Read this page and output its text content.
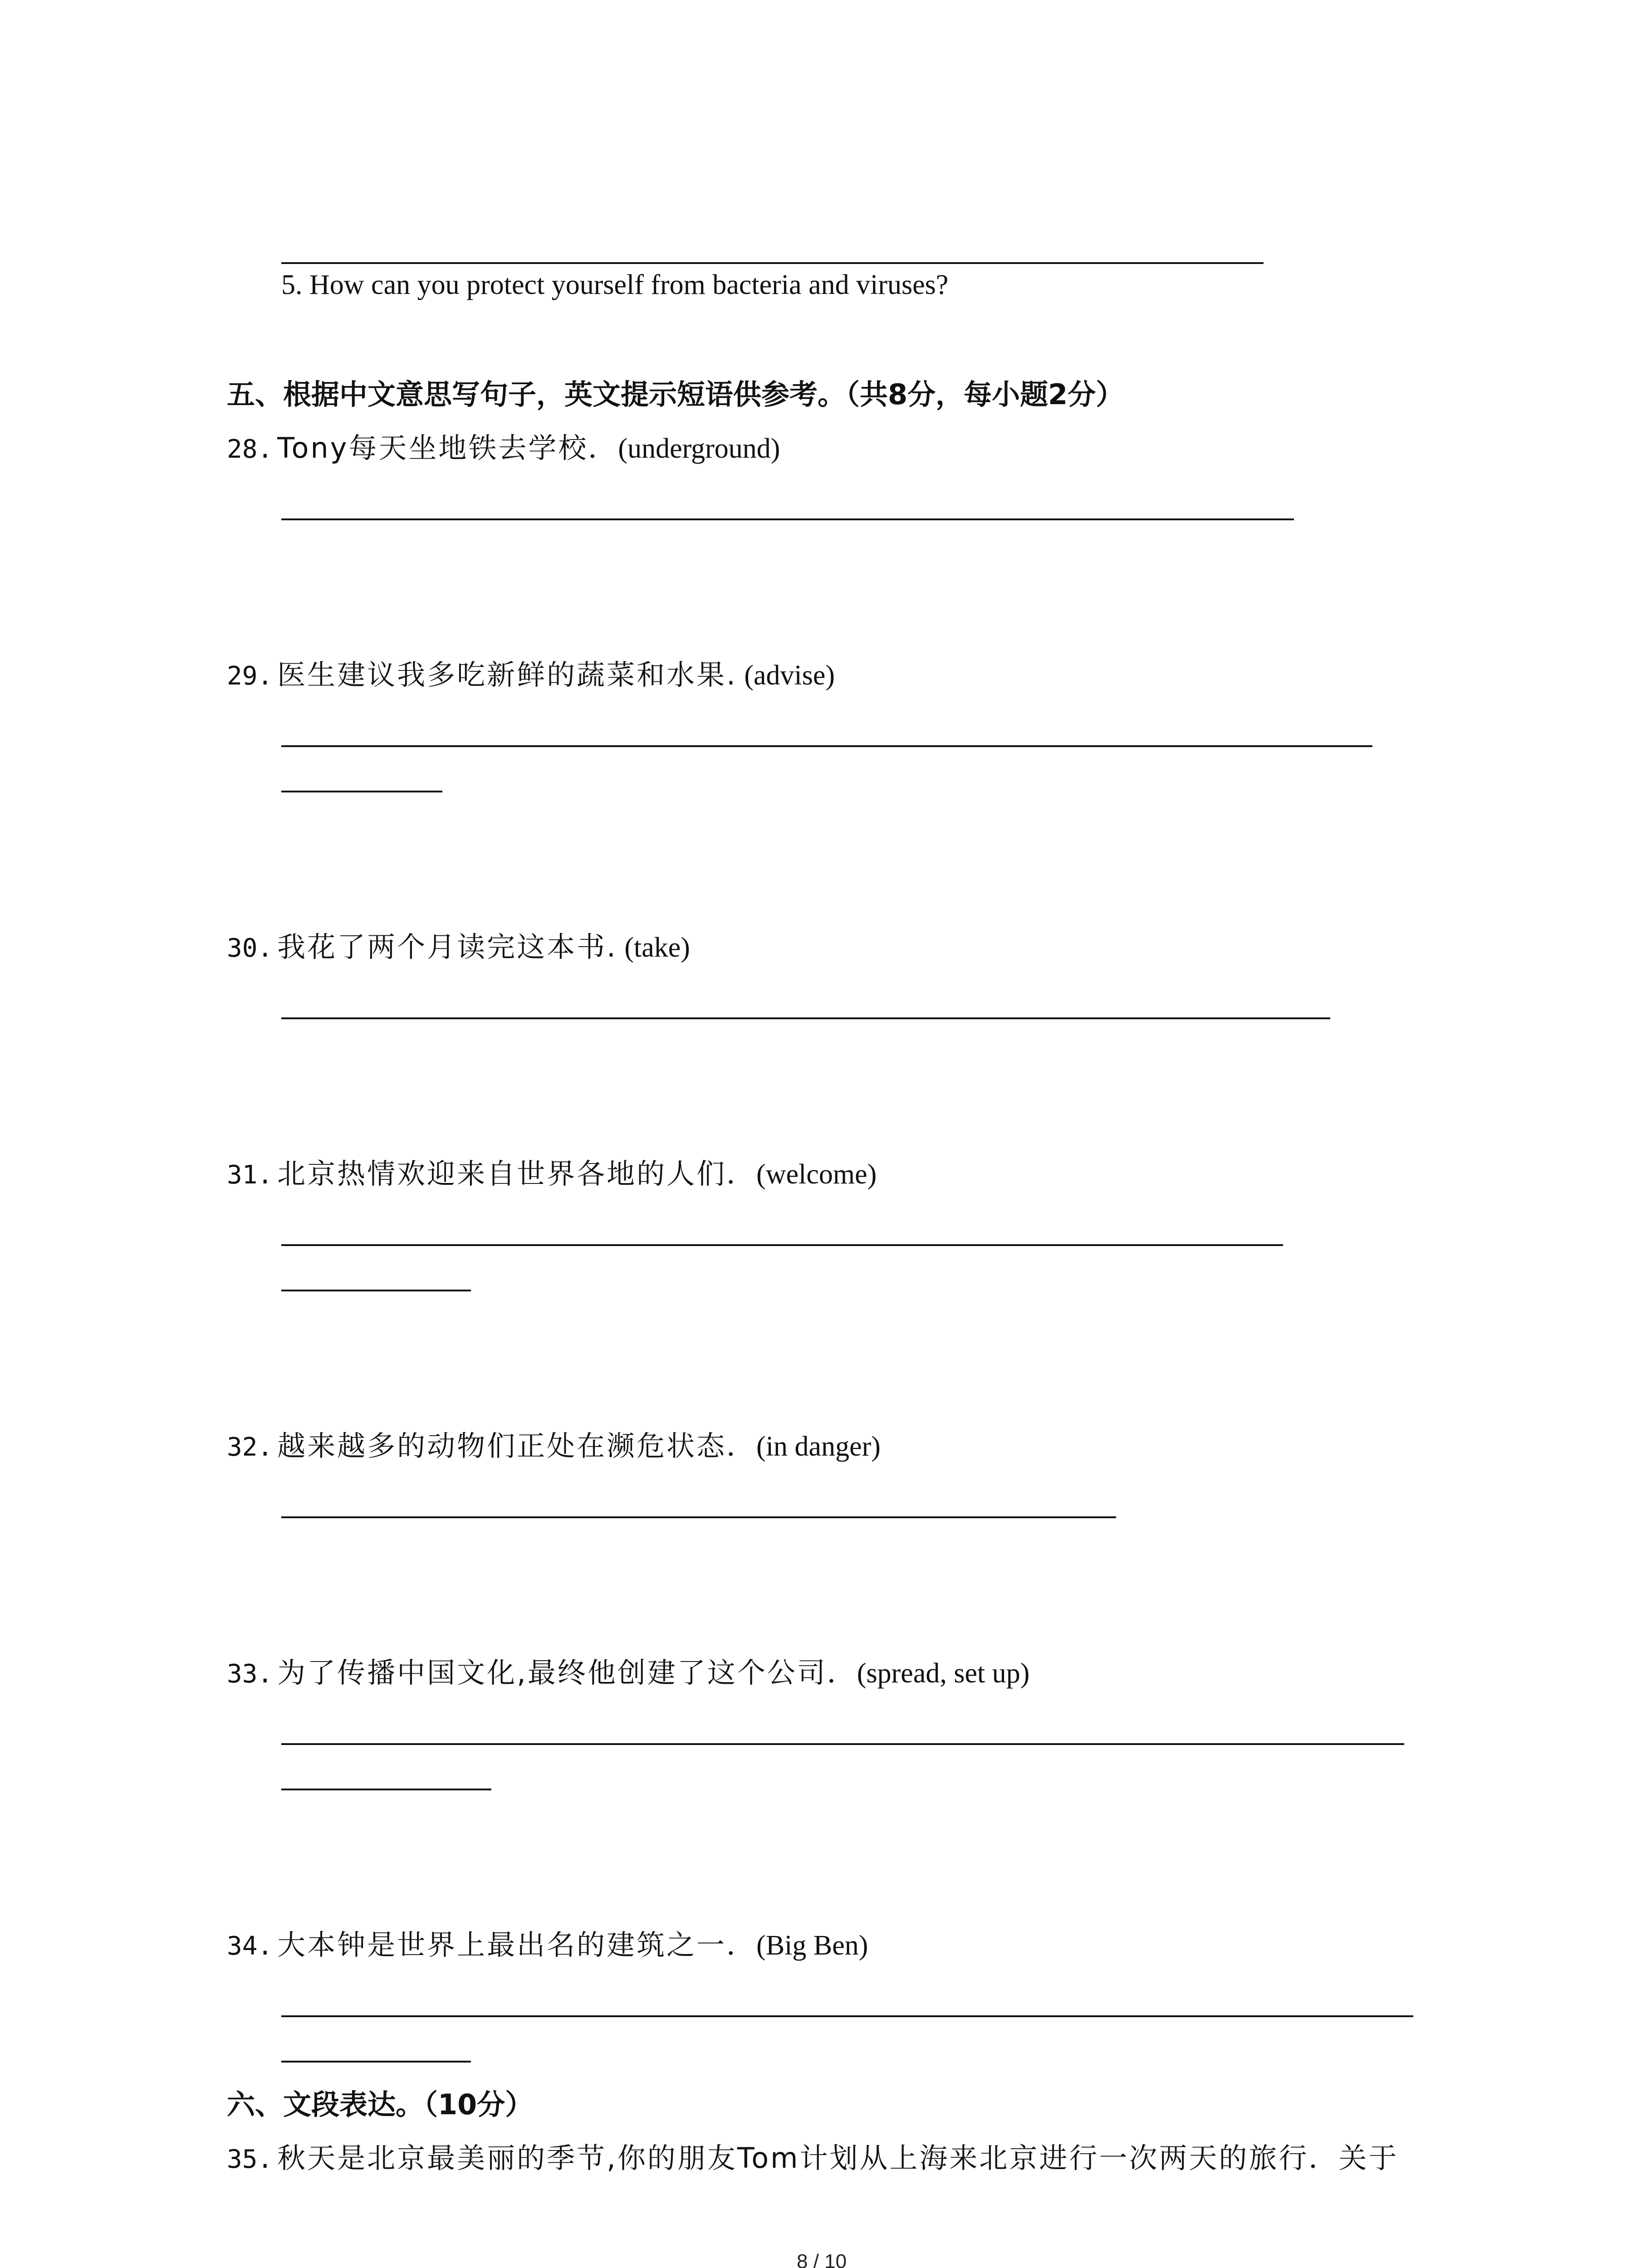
5. How can you protect yourself from bacteria and viruses?
五、根据中文意思写句子，英文提示短语供参考。（共8分，每小题2分）
28. Tony每天坐地铁去学校．(underground)
29. 医生建议我多吃新鲜的蔬菜和水果. (advise)
30. 我花了两个月读完这本书. (take)
31. 北京热情欢迎来自世界各地的人们．(welcome)
32. 越来越多的动物们正处在濒危状态．(in danger)
33. 为了传播中国文化,最终他创建了这个公司．(spread, set up)
34. 大本钟是世界上最出名的建筑之一．(Big Ben)
六、文段表达。（10分）
35. 秋天是北京最美丽的季节,你的朋友Tom计划从上海来北京进行一次两天的旅行．关于
8 / 10
